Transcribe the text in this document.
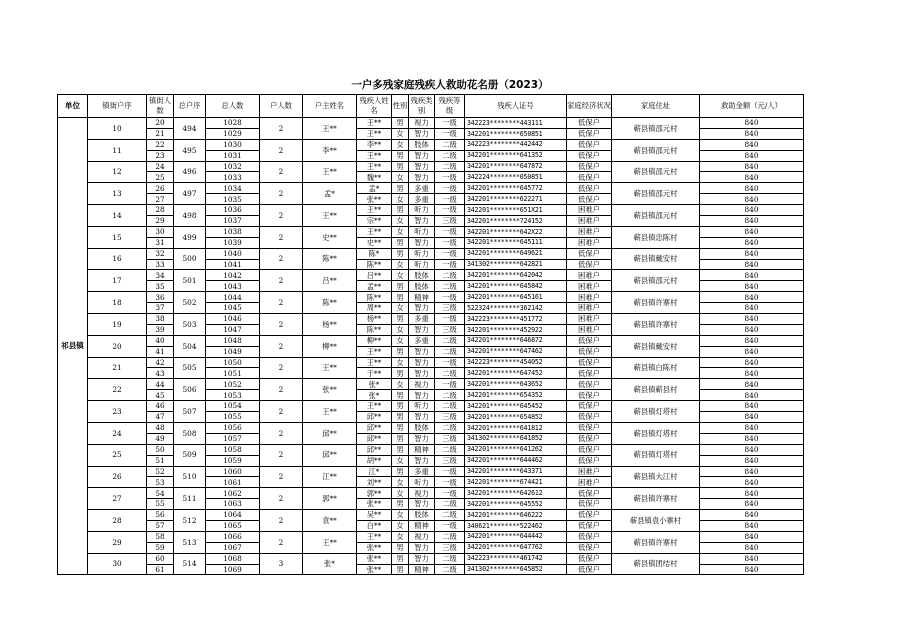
一户多残家庭残疾人救助花名册（2023）
单位	镇街户序	镇街人数	总户序	总人数	户人数	户主姓名	残疾人姓名	性别	残疾类别	残疾等级	残疾人证号	家庭经济状况	家庭住址	救助金额（元/人）
祁县镇	10	20	494	1028	2	王**	王**	男	视力	一级	342223********443111	低保户	蕲县镇邵元村	840
		21		1029			王**	女	智力	一级	342201********650851	低保户		840
	11	22	495	1030	2	李**	李**	女	肢体	二级	342223********442442	低保户	蕲县镇邵元村	840
		23		1031			王**	男	智力	二级	342201********641352	低保户		840
	12	24	496	1032	2	王**	王**	男	智力	二级	342201********647872	低保户	蕲县镇邵元村	840
		25		1033			魏**	女	智力	一级	342224********050851	低保户		840
	13	26	497	1034	2	孟*	孟*	男	多重	一级	342201********645772	低保户	蕲县镇邵元村	840
		27		1035			张**	女	多重	一级	342201********622271	低保户		840
	14	28	498	1036	2	王**	王**	男	听力	一级	342201********651X21	困难户	蕲县镇邵元村	840
		29		1037			宗**	女	智力	三级	342201********724152	困难户		840
	15	30	499	1038	2	史**	王**	女	听力	一级	342201********642X22	困难户	蕲县镇忠陈村	840
		31		1039			史**	男	智力	一级	342201********645111	困难户		840
	16	32	500	1040	2	陈**	陈*	男	听力	一级	342201********649621	低保户	蕲县镇戴安村	840
		33		1041			陈**	女	听力	一级	341302********642821	低保户		840
	17	34	501	1042	2	吕**	吕**	女	肢体	二级	342201********642042	困难户	蕲县镇邵元村	840
		35		1043			孟**	男	肢体	二级	342201********645842	困难户		840
	18	36	502	1044	2	陈**	陈**	男	精神	一级	342201********645161	困难户	蕲县镇许寨村	840
		37		1045			周**	女	智力	三级	522324********362142	困难户		840
	19	38	503	1046	2	杨**	杨**	男	多重	一级	342223********451772	困难户	蕲县镇许寨村	840
		39		1047			陈**	女	智力	三级	342201********452922	困难户		840
	20	40	504	1048	2	柳**	柳**	女	多重	二级	342201********646872	低保户	蕲县镇戴安村	840
		41		1049			王**	男	智力	二级	342201********647462	低保户		840
	21	42	505	1050	2	王**	王**	女	智力	一级	342223********454052	低保户	蕲县镇白陈村	840
		43		1051			于**	男	智力	二级	342201********647452	低保户		840
	22	44	506	1052	2	张**	张*	女	视力	一级	342201********643652	低保户	蕲县镇蕲县村	840
		45		1053			张*	男	智力	二级	342201********654352	低保户		840
	23	46	507	1054	2	王**	王**	男	听力	二级	342201********645452	低保户	蕲县镇灯塔村	840
		47		1055			邱**	男	智力	三级	342201********654852	低保户		840
	24	48	508	1056	2	邱**	邱**	男	肢体	二级	342201********641812	低保户	蕲县镇灯塔村	840
		49		1057			邱**	男	智力	三级	341302********641852	低保户		840
	25	50	509	1058	2	邱**	邱**	男	精神	二级	342201********641262	低保户	蕲县镇灯塔村	840
		51		1059			胡**	女	智力	三级	342201********644462	低保户		840
	26	52	510	1060	2	江**	江*	男	多重	一级	342201********643371	困难户	蕲县镇大江村	840
		53		1061			刘**	女	听力	一级	342201********674421	困难户		840
	27	54	511	1062	2	郭**	郭**	女	视力	一级	342201********642612	低保户	蕲县镇许寨村	840
		55		1063			张**	男	智力	二级	342201********645552	低保户		840
	28	56	512	1064	2	袁**	吴**	女	肢体	二级	342201********646222	低保户	蕲县镇袁小寨村	840
		57		1065			白**	女	精神	一级	340621********522462	低保户		840
	29	58	513	1066	2	王**	王**	女	视力	二级	342201********644442	低保户	蕲县镇许寨村	840
		59		1067			张**	男	智力	三级	342201********647762	低保户		840
	30	60	514	1068	3	张*	张**	男	智力	二级	342223********461742	低保户	蕲县镇团结村	840
		61		1069			张**	男	精神	二级	341302********645852	低保户		840
